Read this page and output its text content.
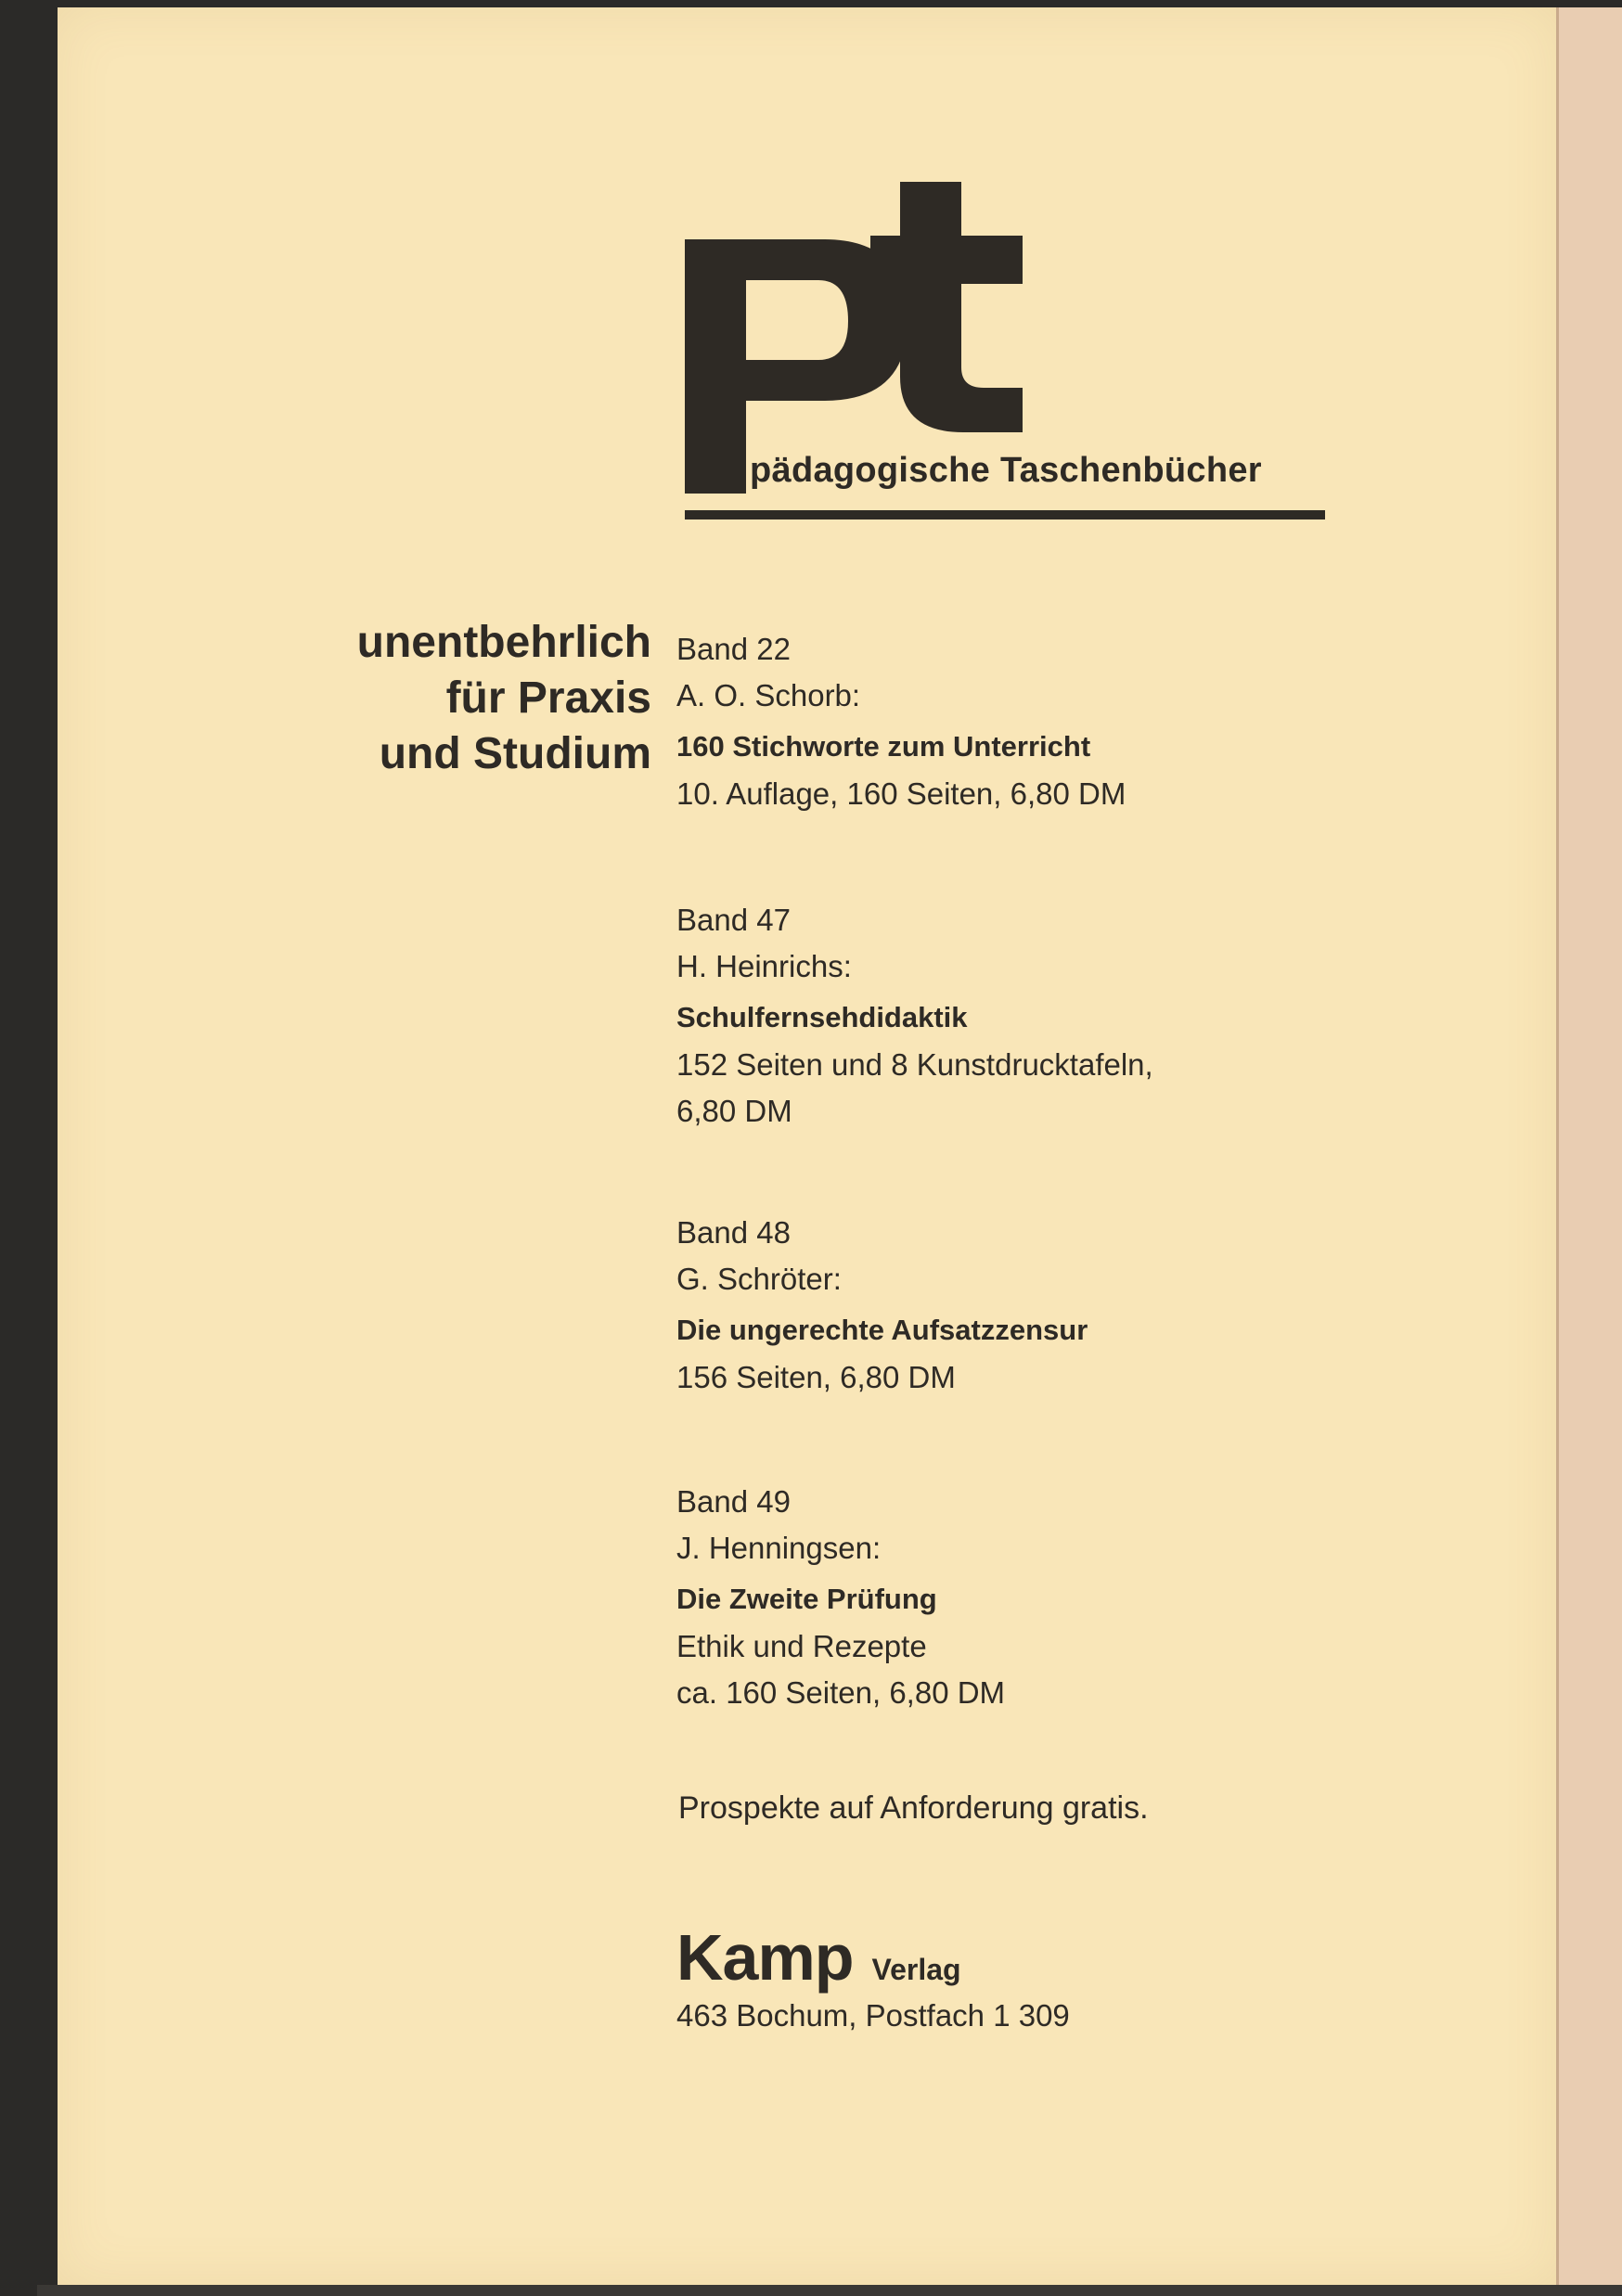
pädagogische Taschenbücher
unentbehrlich
für Praxis
und Studium
Band 22
A. O. Schorb:
160 Stichworte zum Unterricht
10. Auflage, 160 Seiten, 6,80 DM
Band 47
H. Heinrichs:
Schulfernsehdidaktik
152 Seiten und 8 Kunstdrucktafeln,
6,80 DM
Band 48
G. Schröter:
Die ungerechte Aufsatzzensur
156 Seiten, 6,80 DM
Band 49
J. Henningsen:
Die Zweite Prüfung
Ethik und Rezepte
ca. 160 Seiten, 6,80 DM
Prospekte auf Anforderung gratis.
Kamp Verlag
463 Bochum, Postfach 1 309
